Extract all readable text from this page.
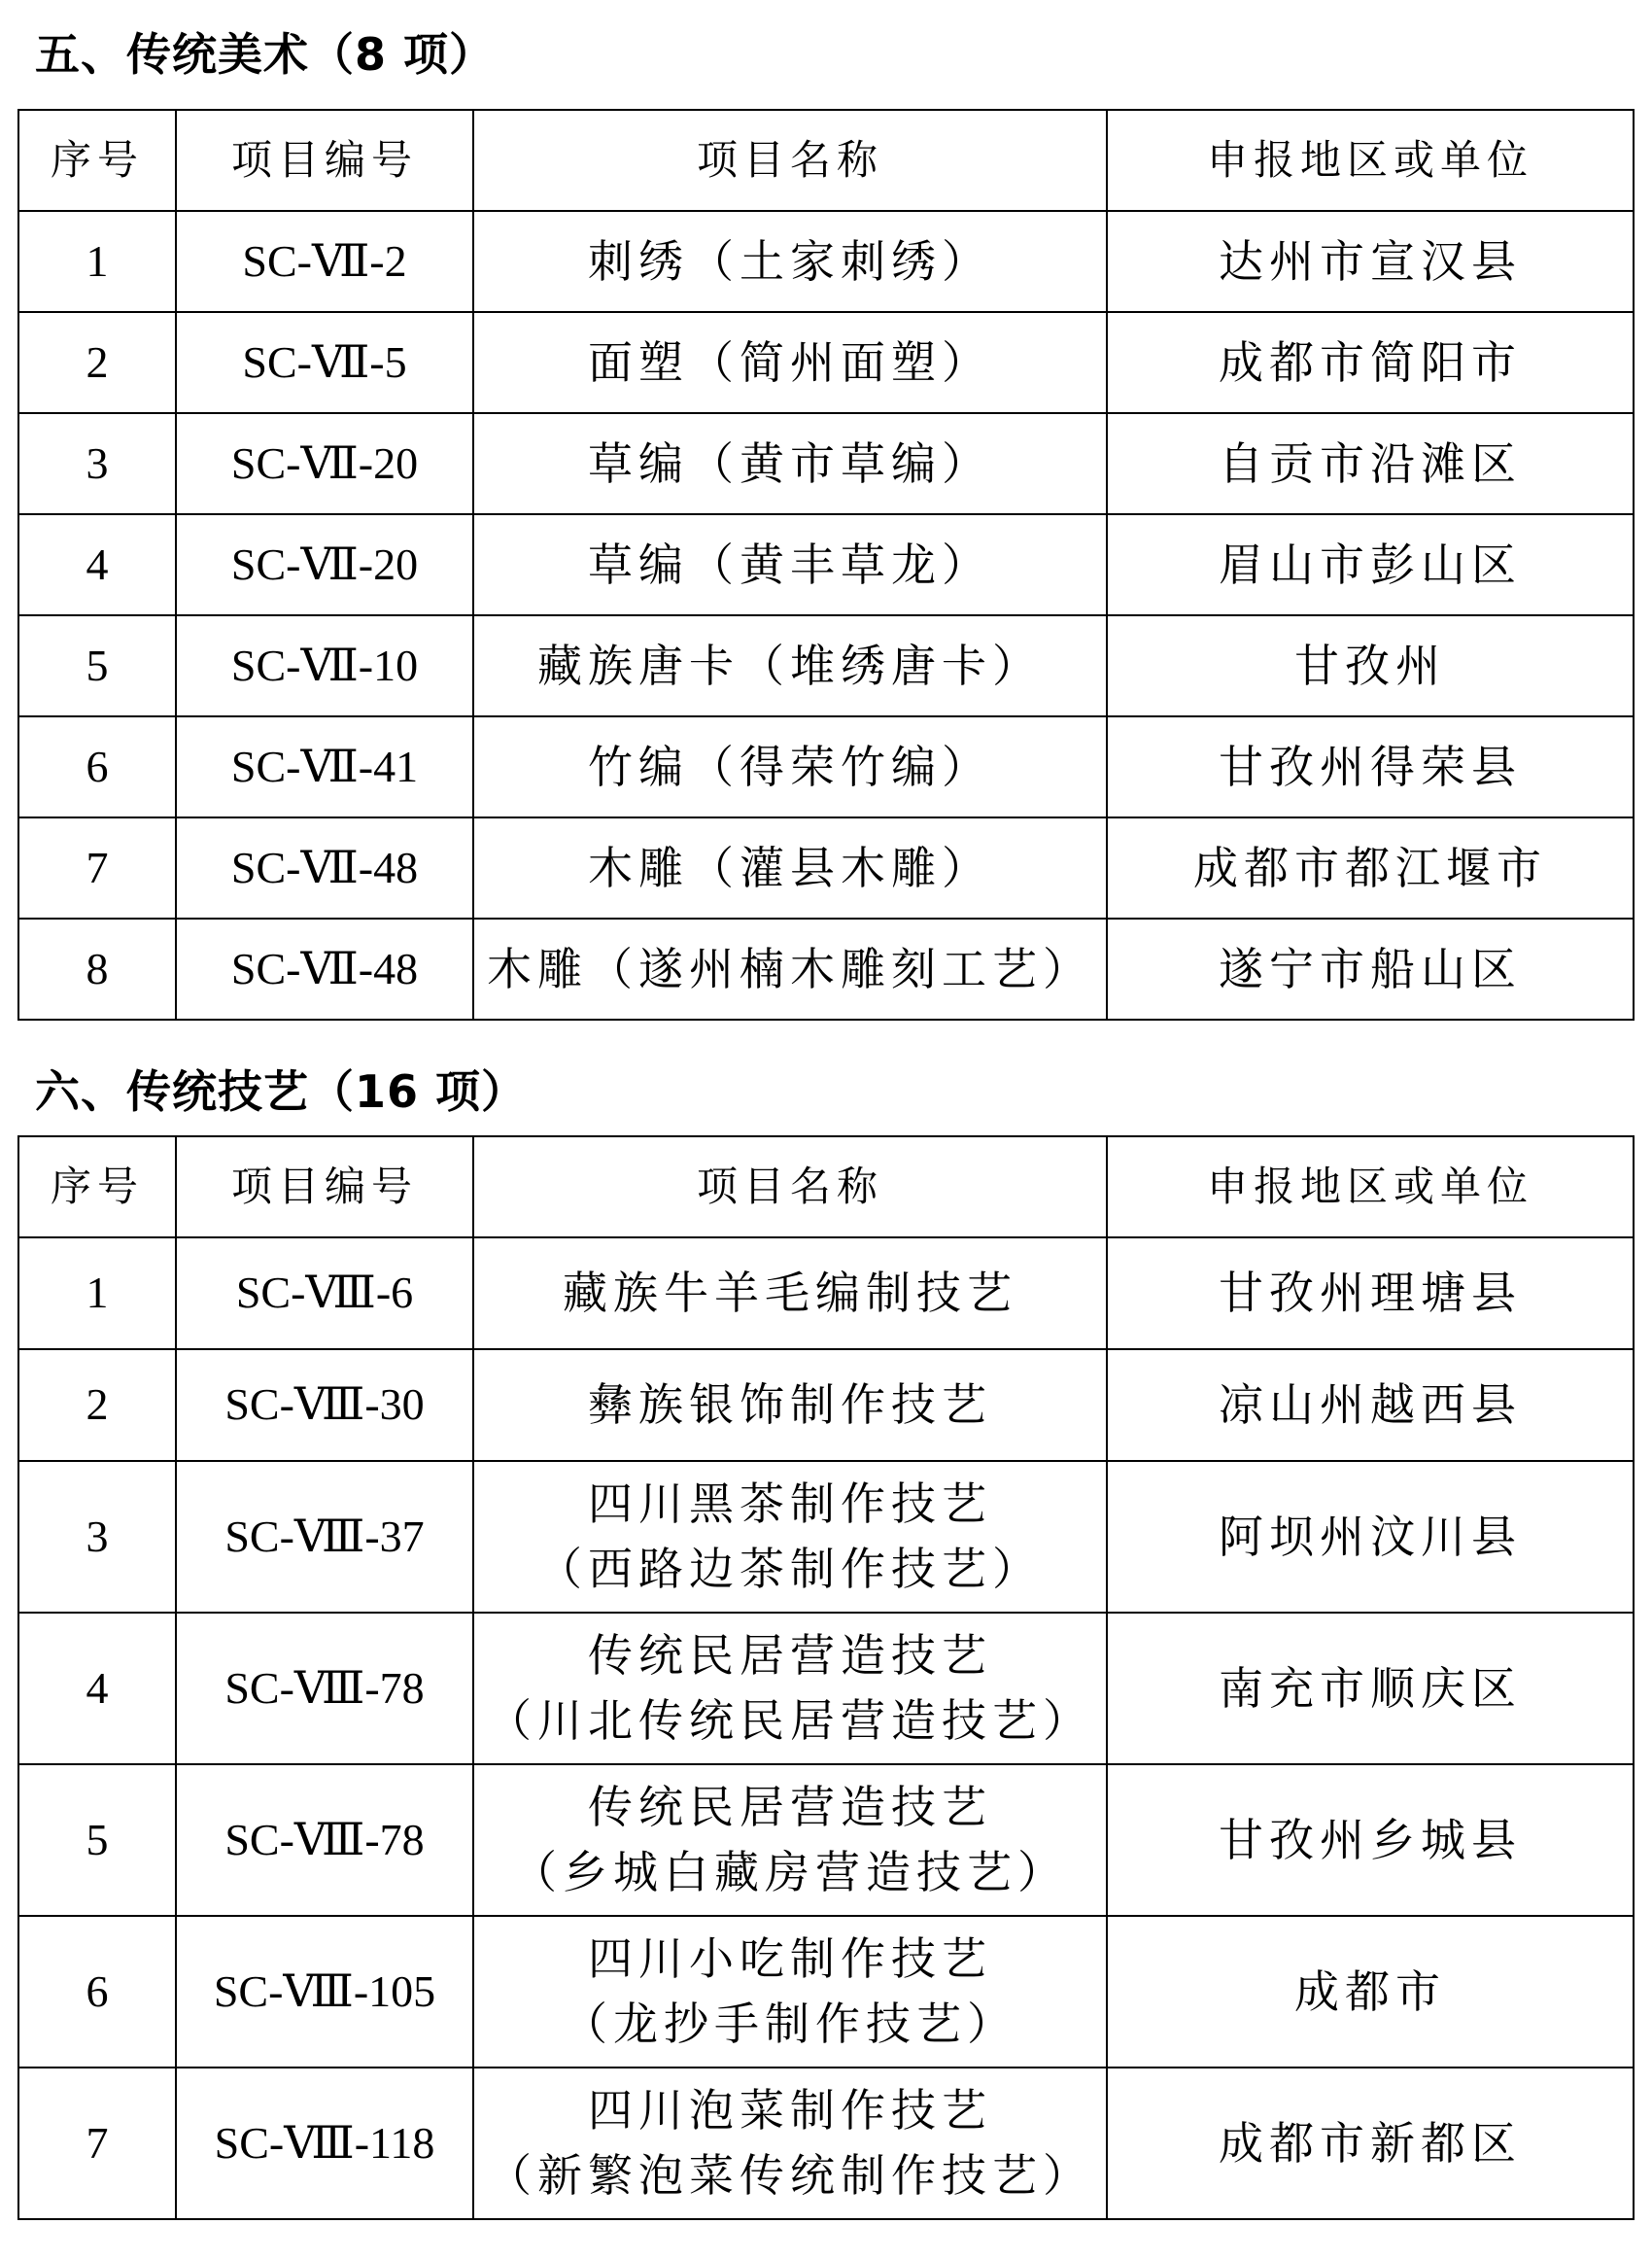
五、传统美术（8 项）
序号	项目编号	项目名称	申报地区或单位
1	SC-Ⅶ-2	刺绣（土家刺绣）	达州市宣汉县
2	SC-Ⅶ-5	面塑（简州面塑）	成都市简阳市
3	SC-Ⅶ-20	草编（黄市草编）	自贡市沿滩区
4	SC-Ⅶ-20	草编（黄丰草龙）	眉山市彭山区
5	SC-Ⅶ-10	藏族唐卡（堆绣唐卡）	甘孜州
6	SC-Ⅶ-41	竹编（得荣竹编）	甘孜州得荣县
7	SC-Ⅶ-48	木雕（灌县木雕）	成都市都江堰市
8	SC-Ⅶ-48	木雕（遂州楠木雕刻工艺）	遂宁市船山区
六、传统技艺（16 项）
序号	项目编号	项目名称	申报地区或单位
1	SC-Ⅷ-6	藏族牛羊毛编制技艺	甘孜州理塘县
2	SC-Ⅷ-30	彝族银饰制作技艺	凉山州越西县
3	SC-Ⅷ-37	四川黑茶制作技艺
（西路边茶制作技艺）	阿坝州汶川县
4	SC-Ⅷ-78	传统民居营造技艺
（川北传统民居营造技艺）	南充市顺庆区
5	SC-Ⅷ-78	传统民居营造技艺
（乡城白藏房营造技艺）	甘孜州乡城县
6	SC-Ⅷ-105	四川小吃制作技艺
（龙抄手制作技艺）	成都市
7	SC-Ⅷ-118	四川泡菜制作技艺
（新繁泡菜传统制作技艺）	成都市新都区
